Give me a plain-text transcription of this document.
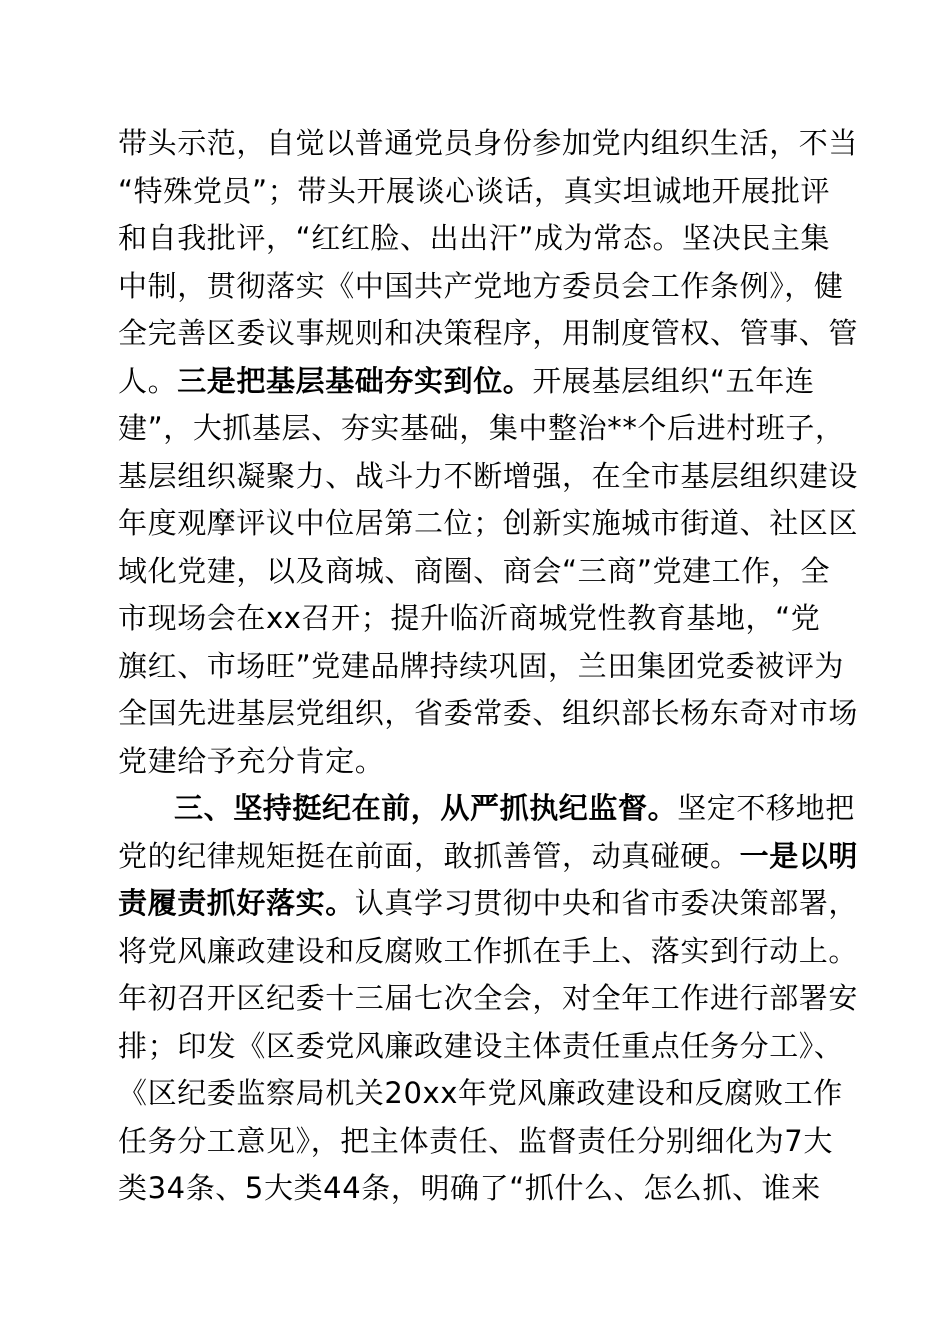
带头示范，自觉以普通党员身份参加党内组织生活，不当
“特殊党员”；带头开展谈心谈话，真实坦诚地开展批评
和自我批评，“红红脸、出出汗”成为常态。坚决民主集
中制，贯彻落实《中国共产党地方委员会工作条例》，健
全完善区委议事规则和决策程序，用制度管权、管事、管
人。三是把基层基础夯实到位。开展基层组织“五年连
建”，大抓基层、夯实基础，集中整治**个后进村班子，
基层组织凝聚力、战斗力不断增强，在全市基层组织建设
年度观摩评议中位居第二位；创新实施城市街道、社区区
域化党建，以及商城、商圈、商会“三商”党建工作，全
市现场会在xx召开；提升临沂商城党性教育基地，“党
旗红、市场旺”党建品牌持续巩固，兰田集团党委被评为
全国先进基层党组织，省委常委、组织部长杨东奇对市场
党建给予充分肯定。
三、坚持挺纪在前，从严抓执纪监督。坚定不移地把
党的纪律规矩挺在前面，敢抓善管，动真碰硬。一是以明
责履责抓好落实。认真学习贯彻中央和省市委决策部署，
将党风廉政建设和反腐败工作抓在手上、落实到行动上。
年初召开区纪委十三届七次全会，对全年工作进行部署安
排；印发《区委党风廉政建设主体责任重点任务分工》、
《区纪委监察局机关20xx年党风廉政建设和反腐败工作
任务分工意见》，把主体责任、监督责任分别细化为7大
类34条、5大类44条，明确了“抓什么、怎么抓、谁来
